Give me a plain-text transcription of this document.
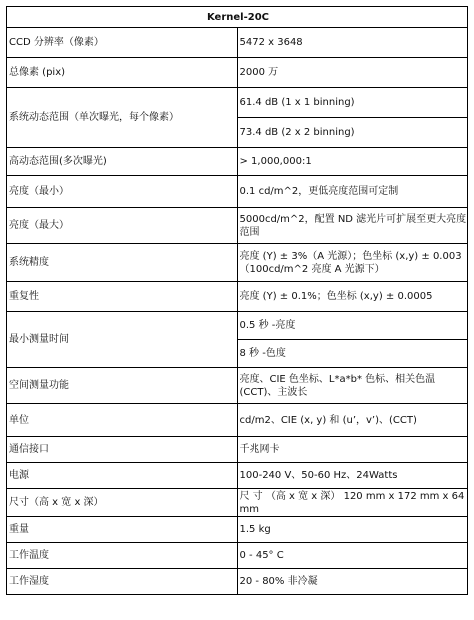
Kernel-20C	
CCD 分辨率（像素）	5472 x 3648
总像素 (pix)	2000 万
系统动态范围（单次曝光，每个像素）	61.4 dB (1 x 1 binning)
	73.4 dB (2 x 2 binning)
高动态范围(多次曝光)	> 1,000,000:1
亮度（最小）	0.1 cd/m^2，更低亮度范围可定制
亮度（最大）	5000cd/m^2，配置 ND 滤光片可扩展至更大亮度范围
系统精度	亮度 (Y) ± 3%（A 光源）；色坐标 (x,y) ± 0.003（100cd/m^2 亮度 A 光源下）
重复性	亮度 (Y) ± 0.1%；色坐标 (x,y) ± 0.0005
最小测量时间	0.5 秒 -亮度
	8 秒 -色度
空间测量功能	亮度、CIE 色坐标、L*a*b* 色标、相关色温 (CCT)、主波长
单位	cd/m2、CIE (x, y) 和 (u’，v’)、(CCT)
通信接口	千兆网卡
电源	100-240 V、50-60 Hz、24Watts
尺寸（高 x 宽 x 深）	尺 寸 （高 x 宽 x 深） 120 mm x 172 mm x 64 mm
重量	1.5 kg
工作温度	0 - 45° C
工作湿度	20 - 80% 非冷凝
